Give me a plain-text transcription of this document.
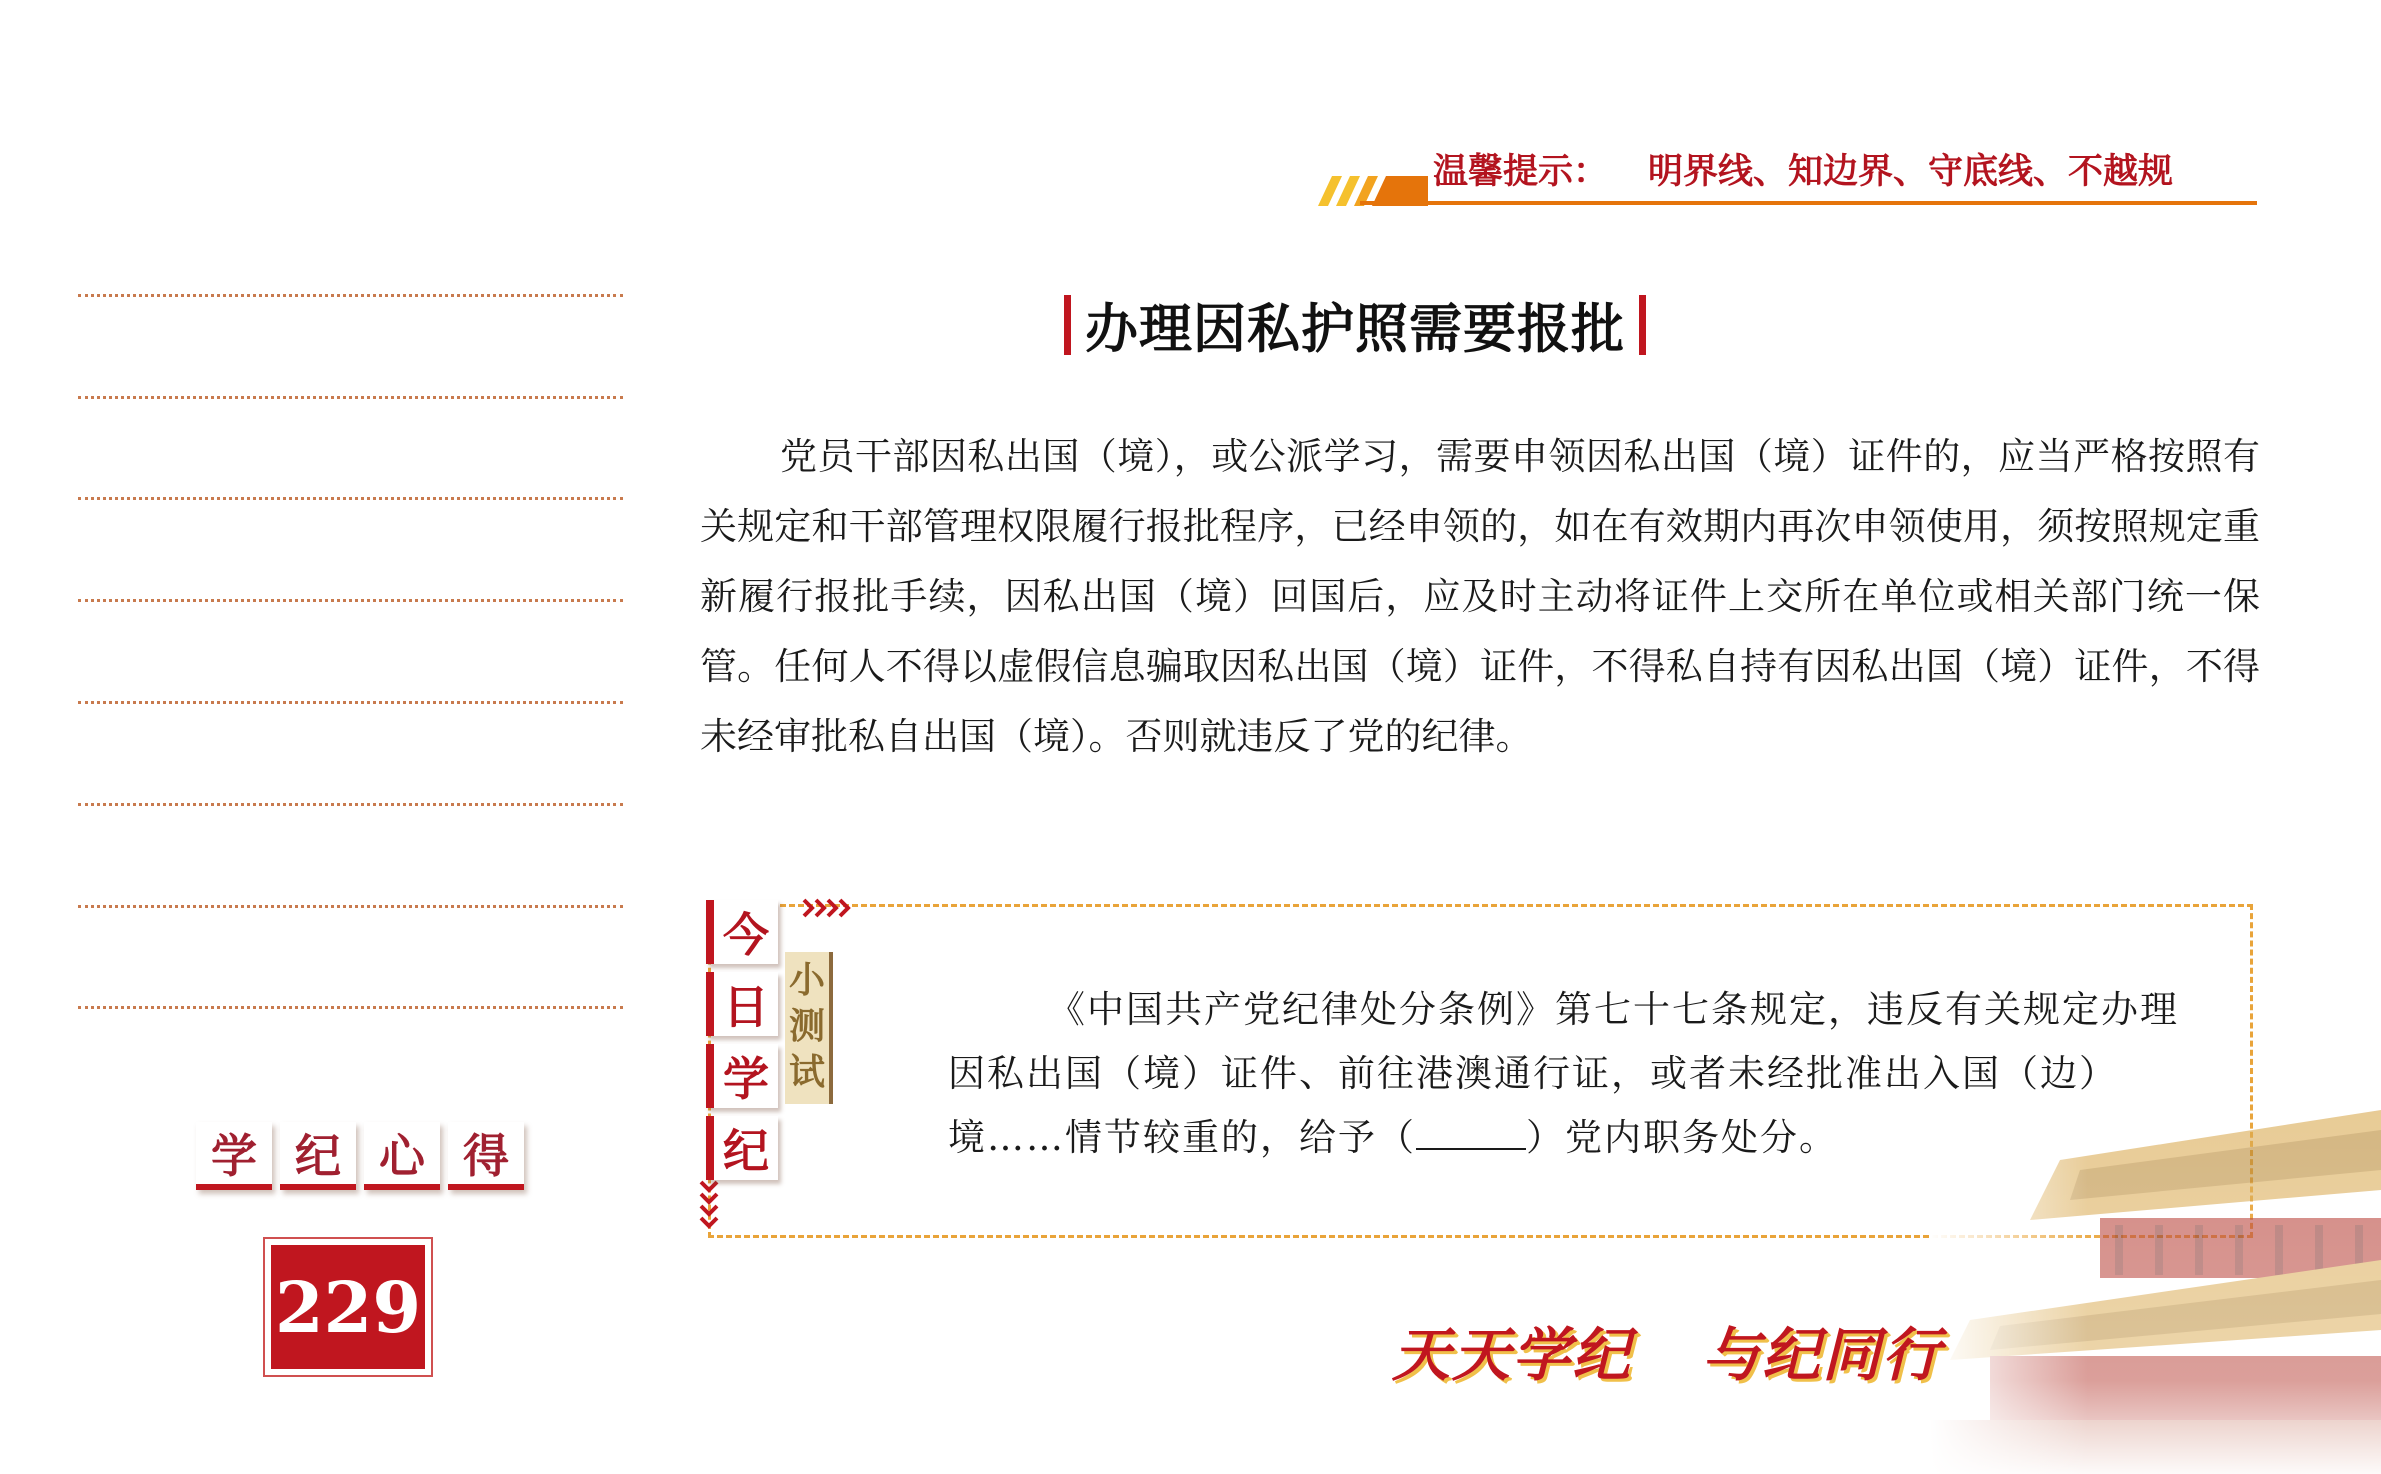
温馨提示： 明界线、知边界、守底线、不越规
办理因私护照需要报批

党员干部因私出国（境），或公派学习，需要申领因私出国（境）证件的，应当严格按照有关规定和干部管理权限履行报批程序，已经申领的，如在有效期内再次申领使用，须按照规定重新履行报批手续，因私出国（境）回国后，应及时主动将证件上交所在单位或相关部门统一保管。任何人不得以虚假信息骗取因私出国（境）证件，不得私自持有因私出国（境）证件，不得未经审批私自出国（境）。否则就违反了党的纪律。

今
日
学
纪
小
测
试

《中国共产党纪律处分条例》第七十七条规定，违反有关规定办理因私出国（境）证件、前往港澳通行证，或者未经批准出入国（边）境……情节较重的，给予（	）党内职务处分。

学 纪 心 得
229
天天学纪 与纪同行
